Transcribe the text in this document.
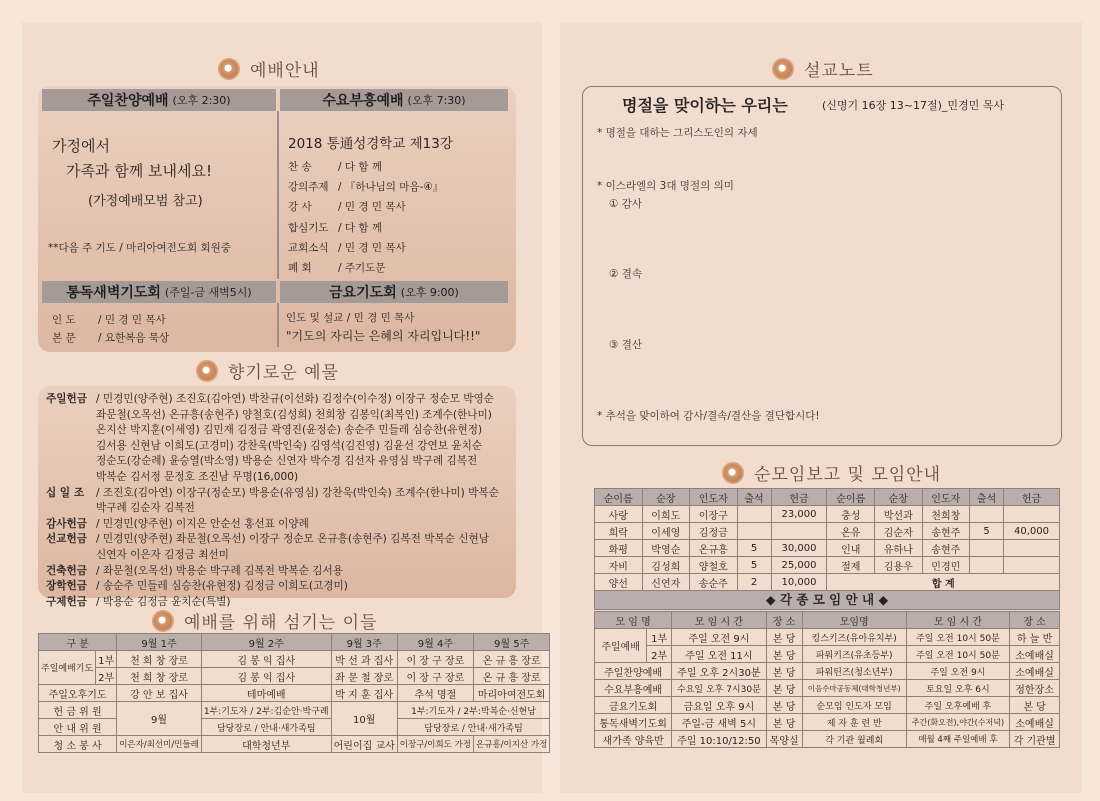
예배안내
주일찬양예배 (오후 2:30)	수요부흥예배 (오후 7:30)
가정에서
가족과 함께 보내세요!
(가정예배모범 참고)
**다음 주 기도 / 마리아여전도회 회원중
2018 통通성경학교 제13강
찬 송	/ 다 함 께
강의주제 / 『하나님의 마음-④』
강 사	/ 민 경 민 목사
합심기도 / 다 함 께
교회소식 / 민 경 민 목사
폐 회	/ 주기도문
통독새벽기도회 (주일-금 새벽5시)	금요기도회 (오후 9:00)
인 도 / 민 경 민 목사
본 문 / 요한복음 묵상
인도 및 설교 / 민 경 민 목사
"기도의 자리는 은혜의 자리입니다!!"
향기로운 예물
주일헌금 / 민경민(양주현) 조진호(김아연) 박찬규(이선화) 김정수(이수정) 이장구 정순모 박영순
좌문철(오목선) 온규흥(송현주) 양철호(김성희) 천희창 김봉익(최복인) 조계수(한나미)
온지산 박지훈(이세영) 김민재 김정금 곽영진(윤정순) 송순주 민들레 심승찬(유현정)
김서용 신현남 이희도(고경미) 강찬욱(박인숙) 김영석(김진영) 김윤선 강연보 윤치순
정순도(강순례) 윤승열(박소영) 박용순 신연자 박수경 김선자 유영심 박구례 김복전
박복순 김서정 문정호 조진남 무명(16,000)
십 일 조	/ 조진호(김아연) 이장구(정순모) 박용순(유영심) 강찬욱(박인숙) 조계수(한나미) 박복순
박구례 김순자 김복전
감사헌금 / 민경민(양주현) 이지은 안순선 홍선표 이양례
선교헌금 / 민경민(양주현) 좌문철(오목선) 이장구 정순모 온규흥(송현주) 김복전 박복순 신현남
신연자 이은자 김정금 최선미
건축헌금 / 좌문철(오목선) 박용순 박구례 김복전 박복순 김서용
장학헌금 / 송순주 민들레 심승찬(유현정) 김정금 이희도(고경미)
구제헌금 / 박용순 김정금 윤치순(특별)
예배를 위해 섬기는 이들
구 분		9월 1주	9월 2주	9월 3주	9월 4주	9월 5주
주일예배기도	1부	천 희 창 장로	김 봉 익 집사	박 선 과 집사	이 장 구 장로	온 규 흥 장로
	2부	천 희 창 장로	김 봉 익 집사	좌 문 철 장로	이 장 구 장로	온 규 흥 장로
주일오후기도		강 안 보 집사	테마예배	박 지 훈 집사	추석 명절	마리아여전도회
헌 금 위 원		9월	1부:기도자 / 2부:김순안·박구례	10월	1부:기도자 / 2부:박복순·신현남	
안 내 위 원			담당장로 / 안내·새가족팀		담당장로 / 안내·새가족팀	
청 소 봉 사		이은자/최선미/민들레	대학청년부	어린이집 교사	이장구/이희도 가정	온규흥/이지산 가정
설교노트
명절을 맞이하는 우리는	(신명기 16장 13~17절)_민경민 목사
* 명절을 대하는 그리스도인의 자세
* 이스라엘의 3대 명절의 의미
① 감사
② 결속
③ 결산
* 추석을 맞이하여 감사/결속/결산을 결단합시다!
순모임보고 및 모임안내
순이름	순장	인도자	출석	헌금	순이름	순장	인도자	출석	헌금
사랑	이희도	이장구		23,000	충성	박선과	천희창		
희락	이세영	김정금			온유	김순자	송현주	5	40,000
화평	박영순	온규흥	5	30,000	인내	유하나	송현주		
자비	김성희	양철호	5	25,000	절제	김용우	민경민		
양선	신연자	송순주	2	10,000	합 계				
◆ 각 종 모 임 안 내 ◆
모 임 명		모 임 시 간	장 소	모임명	모 임 시 간	장 소
주일예배	1부	주일 오전 9시	본 당	킹스키즈(유아유치부)	주일 오전 10시 50분	하 늘 반
	2부	주일 오전 11시	본 당	파워키즈(유초등부)	주일 오전 10시 50분	소예배실
주일찬양예배		주일 오후 2시30분	본 당	파워틴즈(청소년부)	주일 오전 9시	소예배실
수요부흥예배		수요일 오후 7시30분	본 당	이음수마공동체(대학청년부)	토요일 오후 6시	정한장소
금요기도회		금요일 오후 9시	본 당	순모임 인도자 모임	주일 오후예배 후	본 당
통독새벽기도회		주일-금 새벽 5시	본 당	제 자 훈 련 반	주간(화오전),야간(수저녁)	소예배실
새가족 양육반		주일 10:10/12:50	목양실	각 기관 월례회	매월 4째 주일예배 후	각 기관별
